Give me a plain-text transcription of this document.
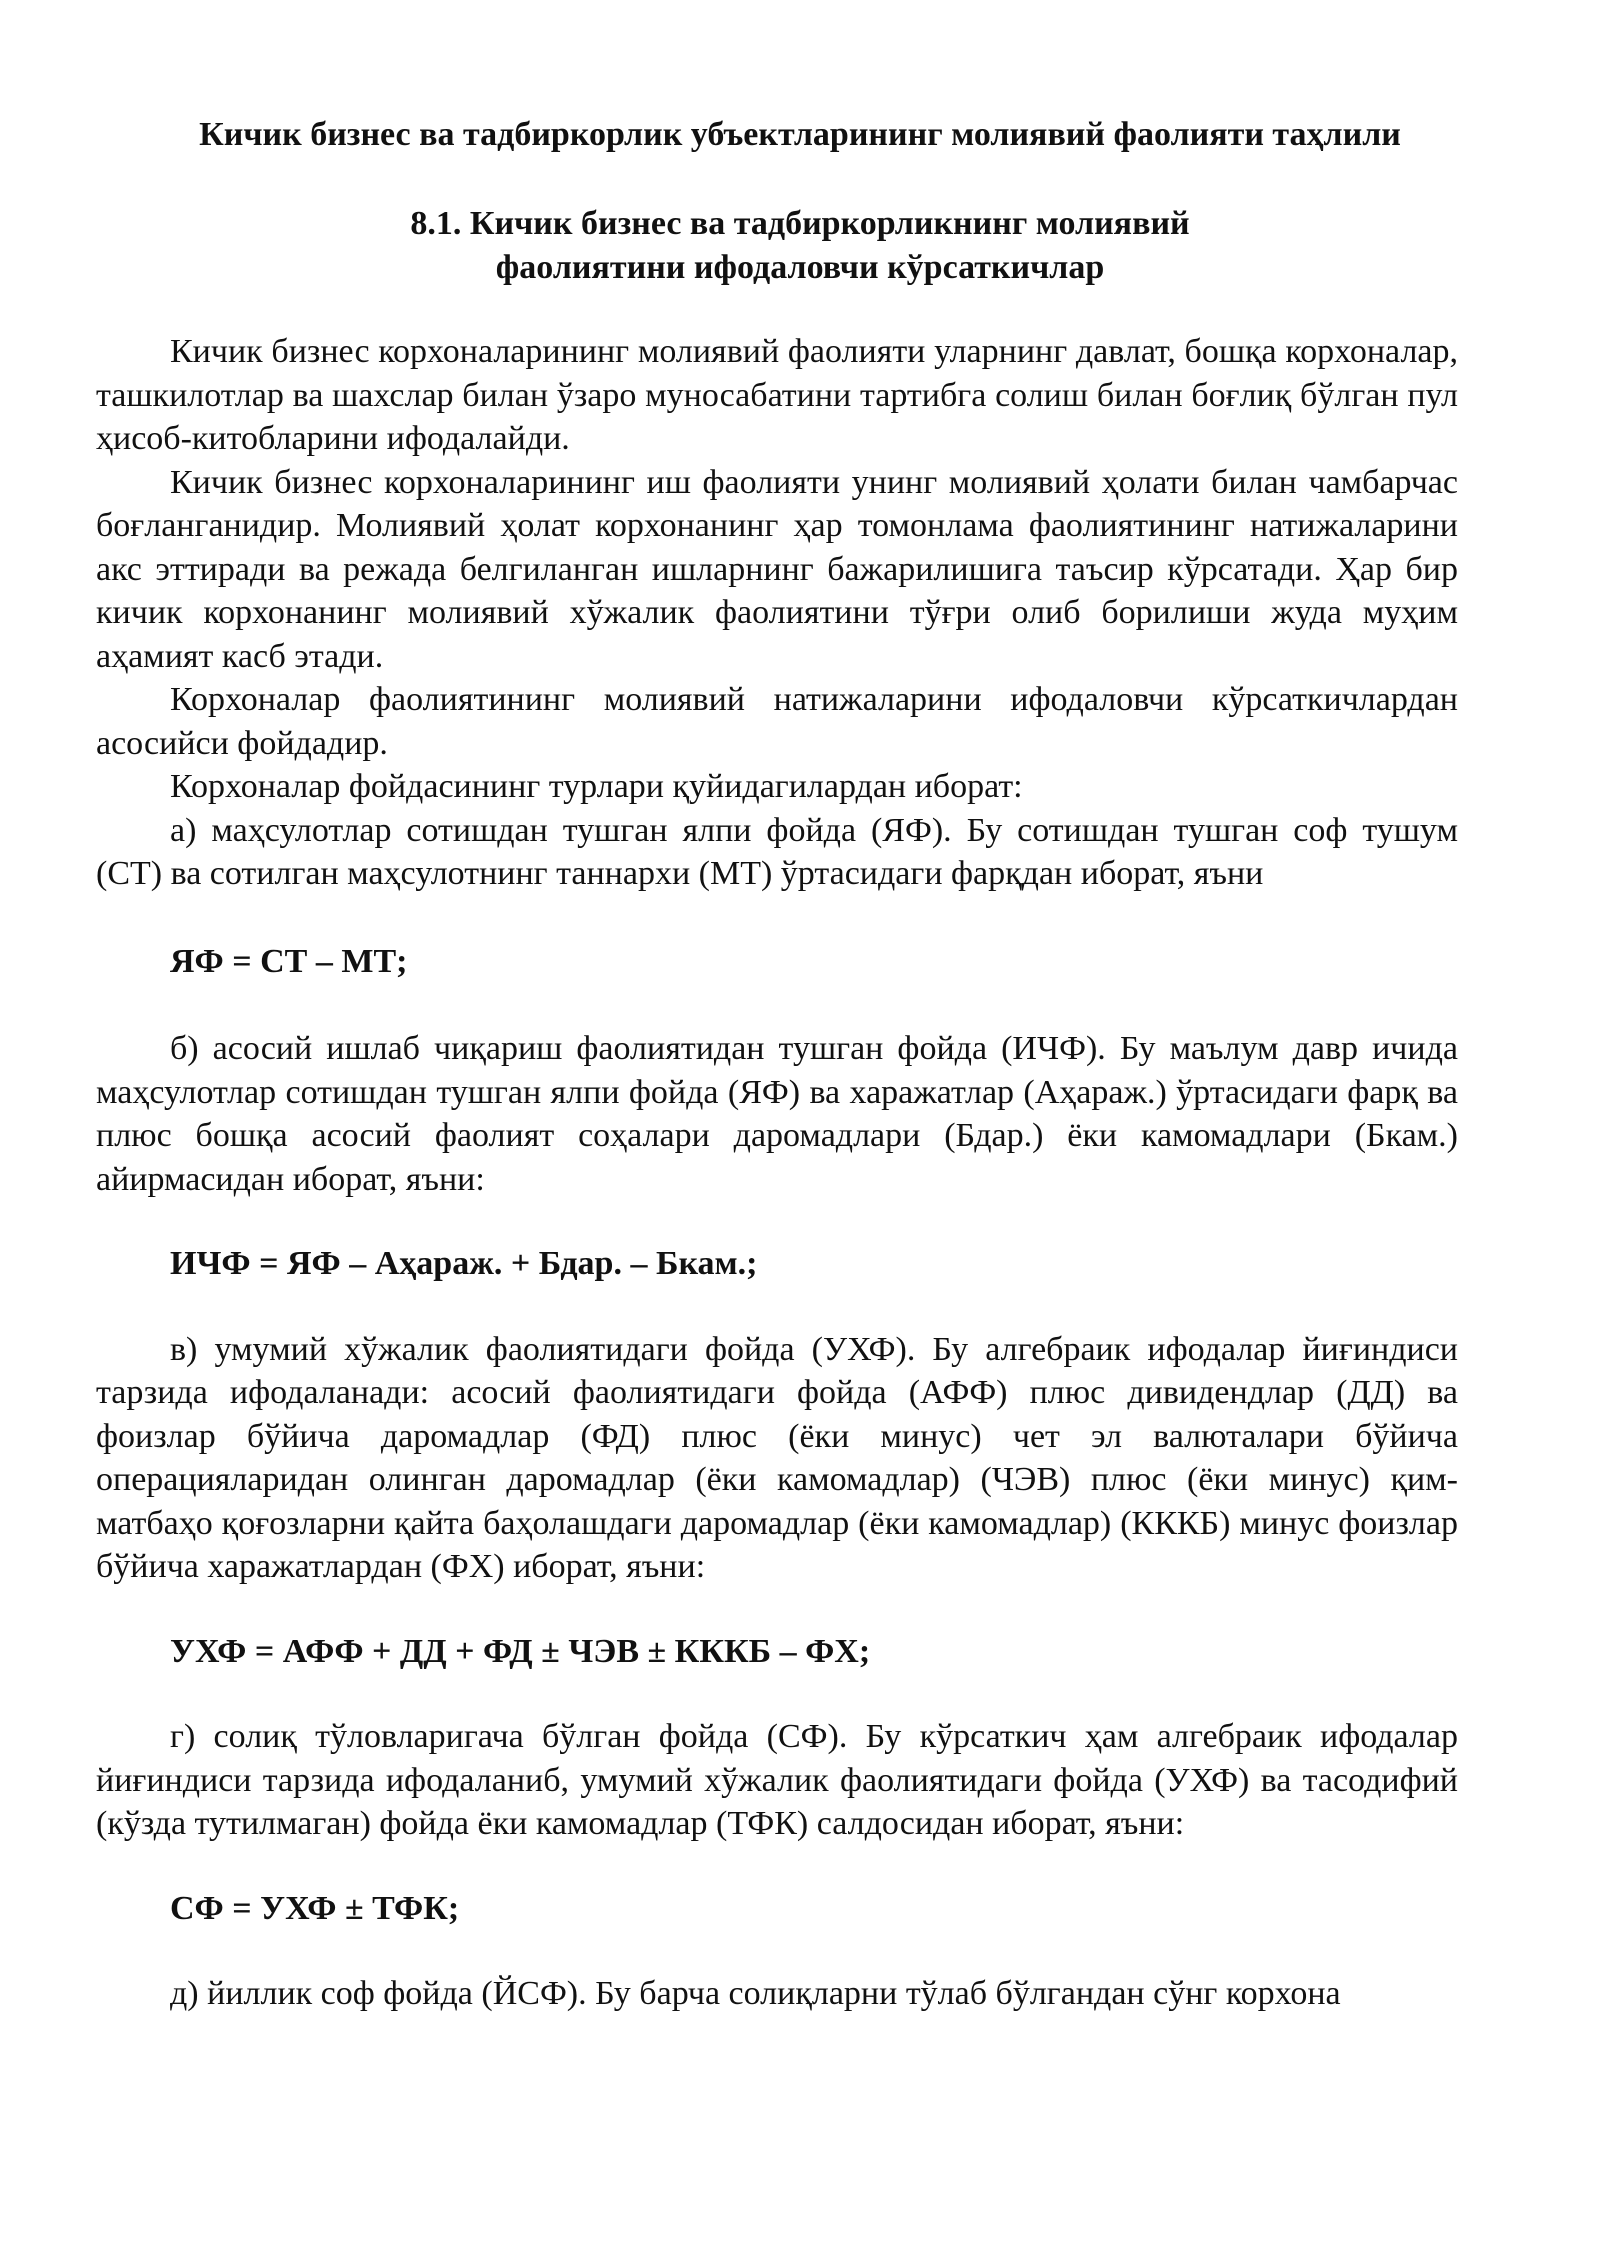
Кичик бизнес ва тадбиркорлик убъектларининг молиявий фаолияти таҳлили
8.1. Кичик бизнес ва тадбиркорликнинг молиявий
фаолиятини ифодаловчи кўрсаткичлар

Кичик бизнес корхоналарининг молиявий фаолияти уларнинг давлат, бошқа корхоналар, ташкилотлар ва шахслар билан ўзаро муносабатини тартибга солиш билан боғлиқ бўлган пул ҳисоб-китобларини ифодалайди.

Кичик бизнес корхоналарининг иш фаолияти унинг молиявий ҳолати билан чамбарчас боғланганидир. Молиявий ҳолат корхонанинг ҳар томонлама фаолиятининг натижаларини акс эттиради ва режада белгиланган ишларнинг бажарилишига таъсир кўрсатади. Ҳар бир кичик корхонанинг молиявий хўжалик фаолиятини тўғри олиб борилиши жуда муҳим аҳамият касб этади.

Корхоналар фаолиятининг молиявий натижаларини ифодаловчи кўрсаткичлардан асосийси фойдадир.

Корхоналар фойдасининг турлари қуйидагилардан иборат:

а) маҳсулотлар сотишдан тушган ялпи фойда (ЯФ). Бу сотишдан тушган соф тушум (СТ) ва сотилган маҳсулотнинг таннархи (МТ) ўртасидаги фарқдан иборат, яъни

ЯФ = СТ – МТ;

б) асосий ишлаб чиқариш фаолиятидан тушган фойда (ИЧФ). Бу маълум давр ичида маҳсулотлар сотишдан тушган ялпи фойда (ЯФ) ва харажатлар (Аҳараж.) ўртасидаги фарқ ва плюс бошқа асосий фаолият соҳалари даромадлари (Бдар.) ёки камомадлари (Бкам.) айирмасидан иборат, яъни:

ИЧФ = ЯФ – Аҳараж. + Бдар. – Бкам.;

в) умумий хўжалик фаолиятидаги фойда (УХФ). Бу алгебраик ифодалар йиғиндиси тарзида ифодаланади: асосий фаолиятидаги фойда (АФФ) плюс дивидендлар (ДД) ва фоизлар бўйича даромадлар (ФД) плюс (ёки минус) чет эл валюталари бўйича операцияларидан олинган даромадлар (ёки камомадлар) (ЧЭВ) плюс (ёки минус) қим-матбаҳо қоғозларни қайта баҳолашдаги даромадлар (ёки камомадлар) (КККБ) минус фоизлар бўйича харажатлардан (ФХ) иборат, яъни:

УХФ = АФФ + ДД + ФД ± ЧЭВ ± КККБ – ФХ;

г) солиқ тўловларигача бўлган фойда (СФ). Бу кўрсаткич ҳам алгебраик ифодалар йиғиндиси тарзида ифодаланиб, умумий хўжалик фаолиятидаги фойда (УХФ) ва тасодифий (кўзда тутилмаган) фойда ёки камомадлар (ТФК) салдосидан иборат, яъни:

СФ = УХФ ± ТФК;

д) йиллик соф фойда (ЙСФ). Бу барча солиқларни тўлаб бўлгандан сўнг корхона
